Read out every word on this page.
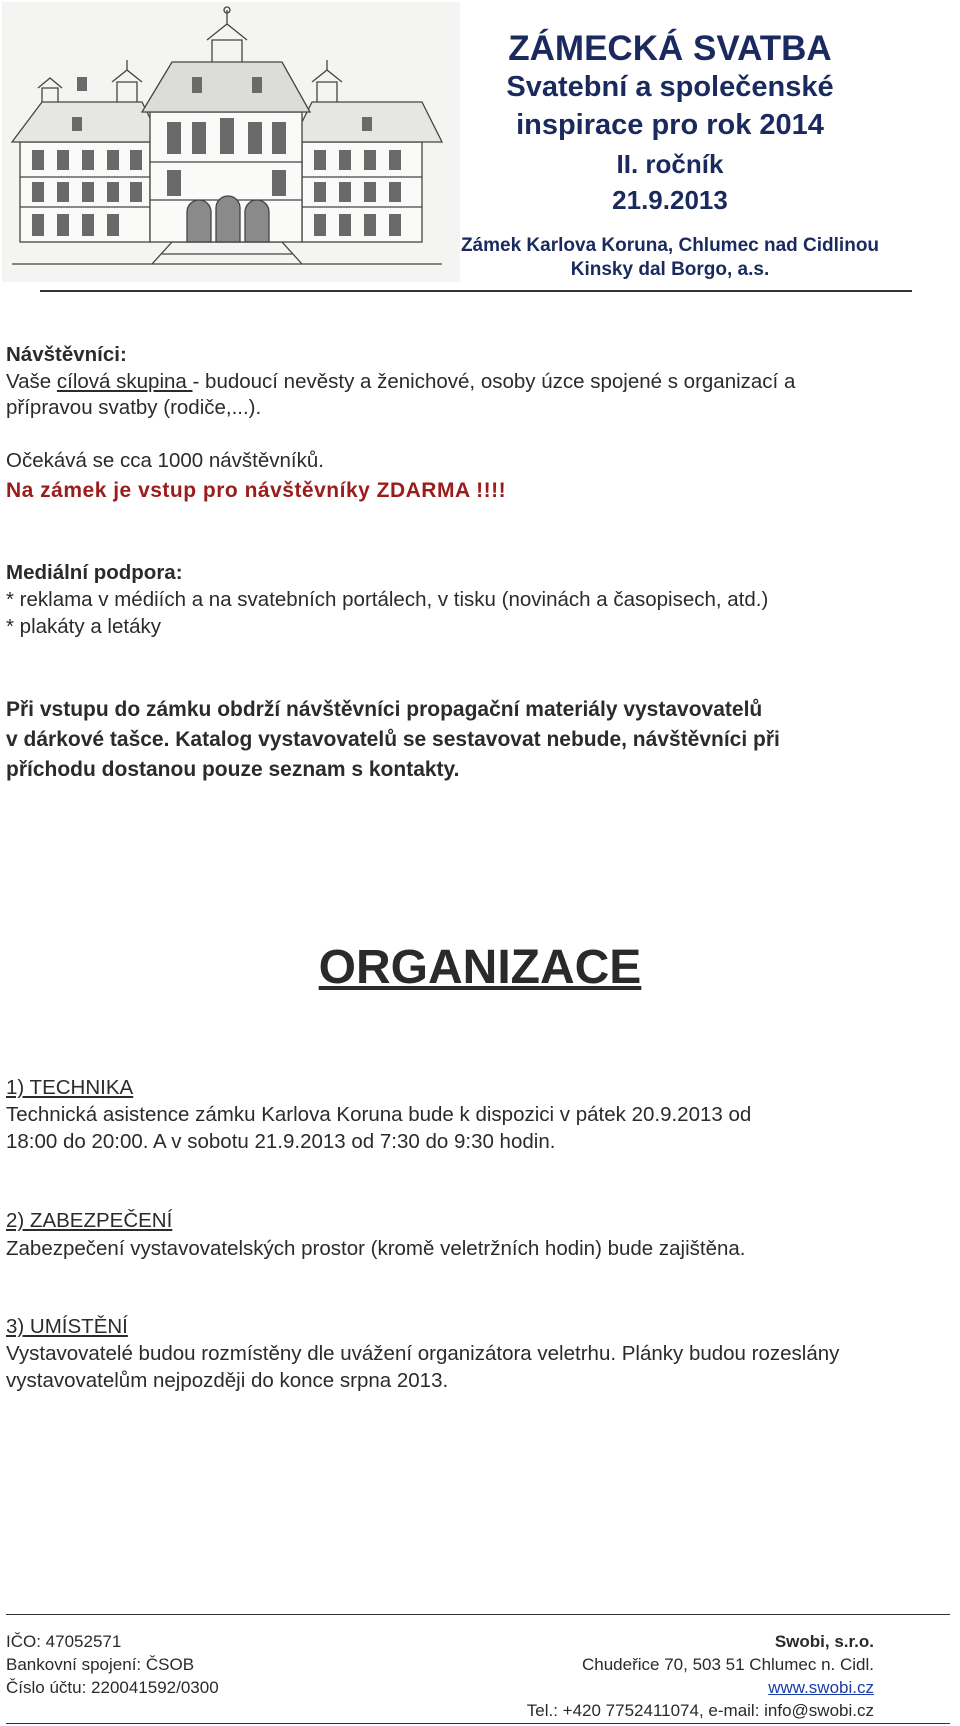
ZÁMECKÁ SVATBA
Svatební a společenské
inspirace pro rok 2014
II. ročník
21.9.2013
Zámek Karlova Koruna, Chlumec nad Cidlinou
Kinsky dal Borgo, a.s.
Návštěvníci:
Vaše cílová skupina - budoucí nevěsty a ženichové, osoby úzce spojené s organizací a
přípravou svatby (rodiče,...).
Očekává se cca 1000 návštěvníků.
Na zámek je vstup pro návštěvníky ZDARMA !!!!
Mediální podpora:
* reklama v médiích a na svatebních portálech, v tisku (novinách a časopisech, atd.)
* plakáty a letáky
Při vstupu do zámku obdrží návštěvníci propagační materiály vystavovatelů
v dárkové tašce. Katalog vystavovatelů se sestavovat nebude, návštěvníci při
příchodu dostanou pouze seznam s kontakty.
ORGANIZACE
1) TECHNIKA
Technická asistence zámku Karlova Koruna bude k dispozici v pátek 20.9.2013 od
18:00 do 20:00. A v sobotu 21.9.2013 od 7:30 do 9:30 hodin.
2) ZABEZPEČENÍ
Zabezpečení vystavovatelských prostor (kromě veletržních hodin) bude zajištěna.
3) UMÍSTĚNÍ
Vystavovatelé budou rozmístěny dle uvážení organizátora veletrhu. Plánky budou rozeslány
vystavovatelům nejpozději do konce srpna 2013.
IČO: 47052571
Bankovní spojení: ČSOB
Číslo účtu: 220041592/0300
Swobi, s.r.o.
Chudeřice 70, 503 51 Chlumec n. Cidl.
www.swobi.cz
Tel.: +420 7752411074, e-mail: info@swobi.cz
